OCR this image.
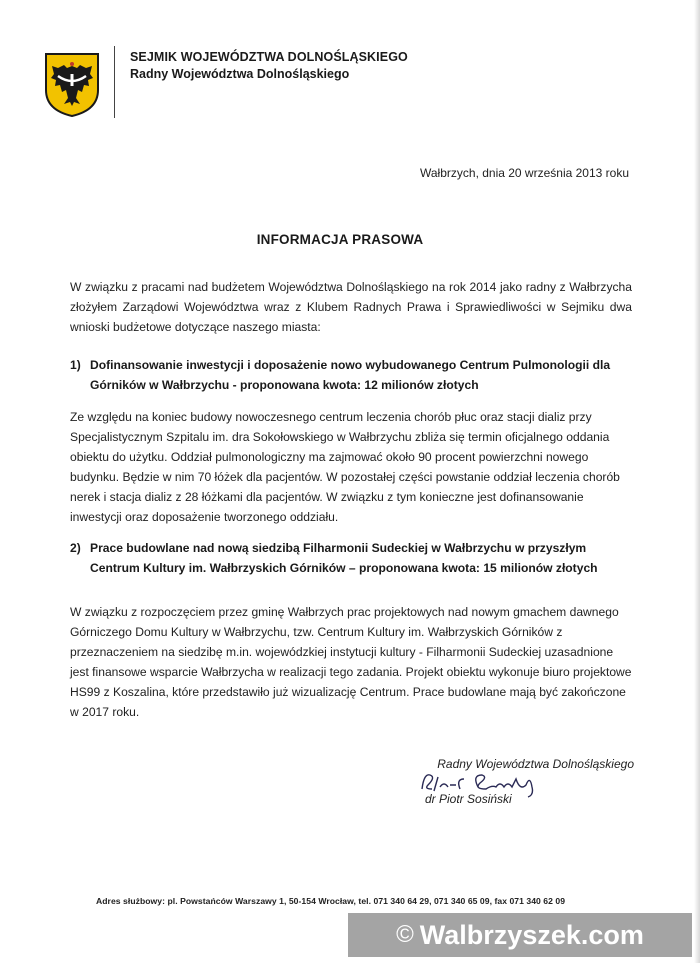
SEJMIK WOJEWÓDZTWA DOLNOŚLĄSKIEGO
Radny Województwa Dolnośląskiego
Wałbrzych, dnia 20 września 2013 roku
INFORMACJA PRASOWA
W związku z pracami nad budżetem Województwa Dolnośląskiego na rok 2014 jako radny z Wałbrzycha złożyłem Zarządowi Województwa wraz z Klubem Radnych Prawa i Sprawiedliwości w Sejmiku dwa wnioski budżetowe dotyczące naszego miasta:
1) Dofinansowanie inwestycji i doposażenie nowo wybudowanego Centrum Pulmonologii dla Górników w Wałbrzychu - proponowana kwota: 12 milionów złotych
Ze względu na koniec budowy nowoczesnego centrum leczenia chorób płuc oraz stacji dializ przy Specjalistycznym Szpitalu im. dra Sokołowskiego w Wałbrzychu zbliża się termin oficjalnego oddania obiektu do użytku. Oddział pulmonologiczny ma zajmować około 90 procent powierzchni nowego budynku. Będzie w nim 70 łóżek dla pacjentów. W pozostałej części powstanie oddział leczenia chorób nerek i stacja dializ z 28 łóżkami dla pacjentów. W związku z tym konieczne jest dofinansowanie inwestycji oraz doposażenie tworzonego oddziału.
2) Prace budowlane nad nową siedzibą Filharmonii Sudeckiej w Wałbrzychu w przyszłym Centrum Kultury im. Wałbrzyskich Górników – proponowana kwota: 15 milionów złotych
W związku z rozpoczęciem przez gminę Wałbrzych prac projektowych nad nowym gmachem dawnego Górniczego Domu Kultury w Wałbrzychu, tzw. Centrum Kultury im. Wałbrzyskich Górników z przeznaczeniem na siedzibę m.in. wojewódzkiej instytucji kultury - Filharmonii Sudeckiej uzasadnione jest finansowe wsparcie Wałbrzycha w realizacji tego zadania. Projekt obiektu wykonuje biuro projektowe HS99 z Koszalina, które przedstawiło już wizualizację Centrum. Prace budowlane mają być zakończone w 2017 roku.
Radny Województwa Dolnośląskiego
dr Piotr Sosiński
Adres służbowy: pl. Powstańców Warszawy 1, 50-154 Wrocław, tel. 071 340 64 29, 071 340 65 09, fax 071 340 62 09
© Walbrzyszek.com
